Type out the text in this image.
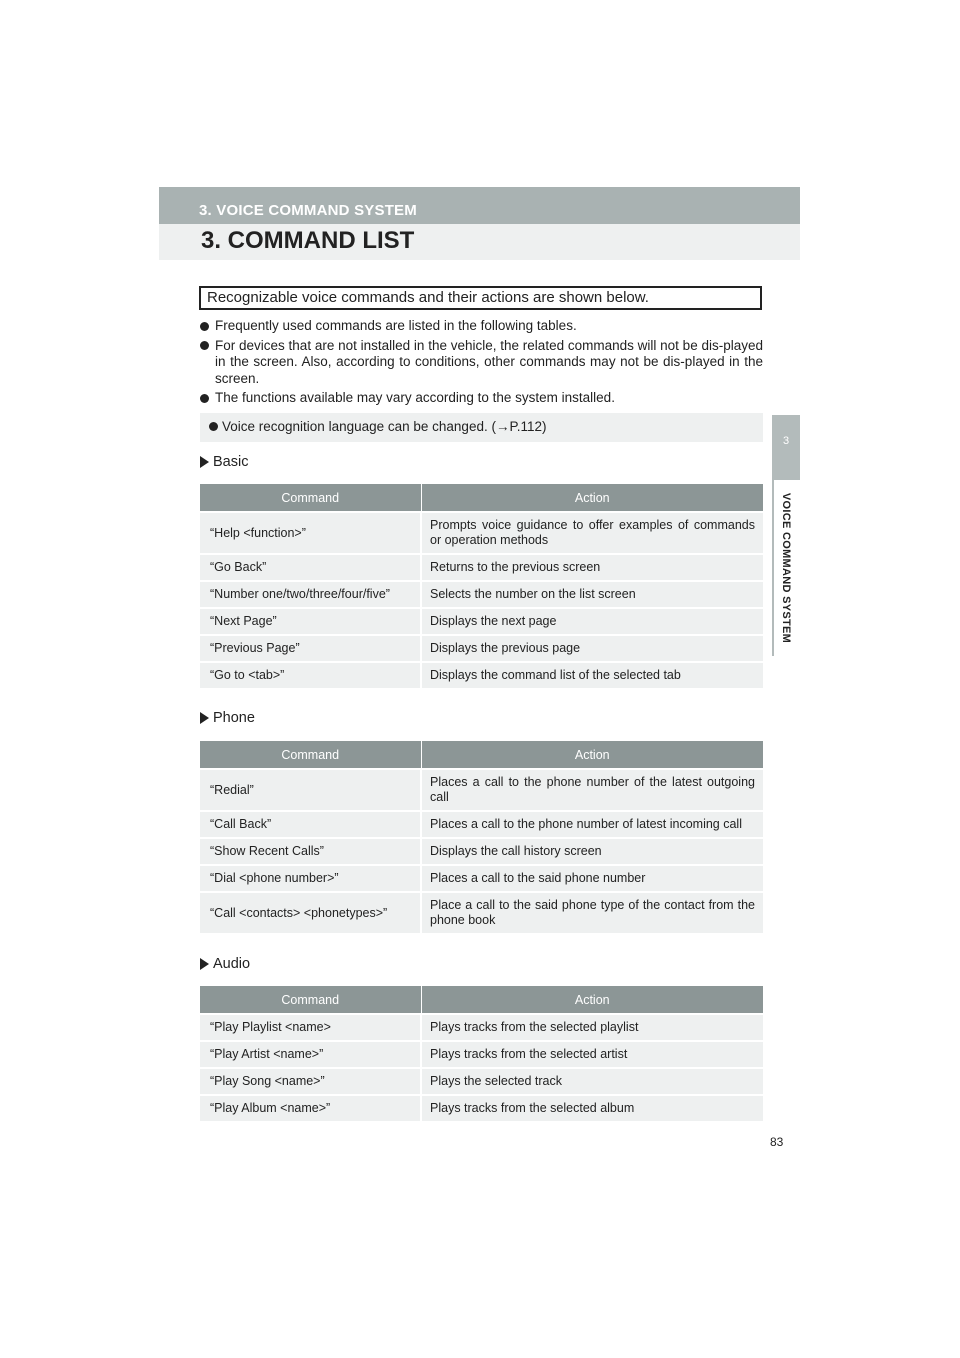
3. VOICE COMMAND SYSTEM
3. COMMAND LIST
Recognizable voice commands and their actions are shown below.
Frequently used commands are listed in the following tables.
For devices that are not installed in the vehicle, the related commands will not be dis-played in the screen. Also, according to conditions, other commands may not be dis-played in the screen.
The functions available may vary according to the system installed.
Voice recognition language can be changed. (→P.112)
Basic
Command	Action
“Help <function>”	Prompts voice guidance to offer examples of commands or operation methods
“Go Back”	Returns to the previous screen
“Number one/two/three/four/five”	Selects the number on the list screen
“Next Page”	Displays the next page
“Previous Page”	Displays the previous page
“Go to <tab>”	Displays the command list of the selected tab
Phone
Command	Action
“Redial”	Places a call to the phone number of the latest outgoing call
“Call Back”	Places a call to the phone number of latest incoming call
“Show Recent Calls”	Displays the call history screen
“Dial <phone number>”	Places a call to the said phone number
“Call <contacts> <phonetypes>”	Place a call to the said phone type of the contact from the phone book
Audio
Command	Action
“Play Playlist <name>	Plays tracks from the selected playlist
“Play Artist <name>”	Plays tracks from the selected artist
“Play Song <name>”	Plays the selected track
“Play Album <name>”	Plays tracks from the selected album
3
VOICE COMMAND SYSTEM
83
